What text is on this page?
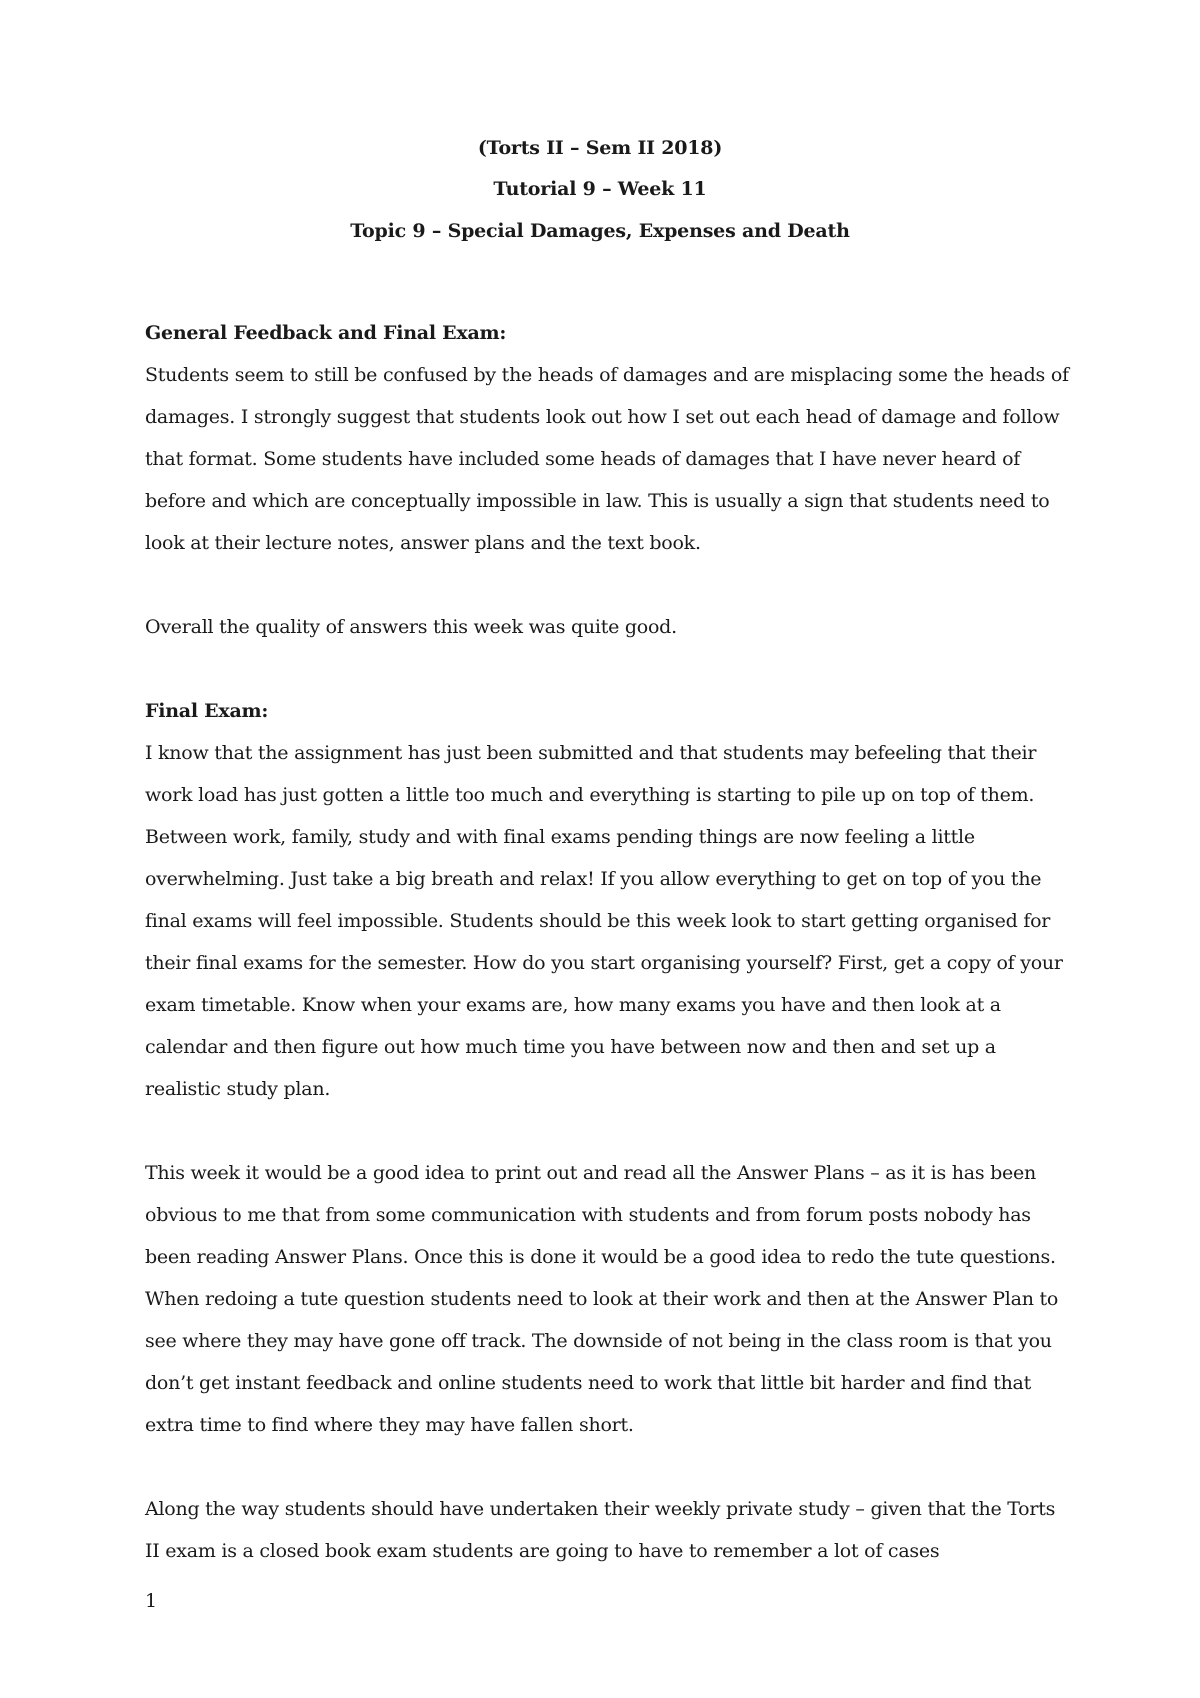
(Torts II – Sem II 2018)
Tutorial 9 – Week 11
Topic 9 – Special Damages, Expenses and Death
General Feedback and Final Exam:

Students seem to still be confused by the heads of damages and are misplacing some the heads of damages. I strongly suggest that students look out how I set out each head of damage and follow that format. Some students have included some heads of damages that I have never heard of before and which are conceptually impossible in law. This is usually a sign that students need to look at their lecture notes, answer plans and the text book.

Overall the quality of answers this week was quite good.

Final Exam:

I know that the assignment has just been submitted and that students may befeeling that their work load has just gotten a little too much and everything is starting to pile up on top of them. Between work, family, study and with final exams pending things are now feeling a little overwhelming. Just take a big breath and relax! If you allow everything to get on top of you the final exams will feel impossible. Students should be this week look to start getting organised for their final exams for the semester. How do you start organising yourself? First, get a copy of your exam timetable. Know when your exams are, how many exams you have and then look at a calendar and then figure out how much time you have between now and then and set up a realistic study plan.

This week it would be a good idea to print out and read all the Answer Plans – as it is has been obvious to me that from some communication with students and from forum posts nobody has been reading Answer Plans. Once this is done it would be a good idea to redo the tute questions. When redoing a tute question students need to look at their work and then at the Answer Plan to see where they may have gone off track. The downside of not being in the class room is that you don’t get instant feedback and online students need to work that little bit harder and find that extra time to find where they may have fallen short.

Along the way students should have undertaken their weekly private study – given that the Torts II exam is a closed book exam students are going to have to remember a lot of cases

1
